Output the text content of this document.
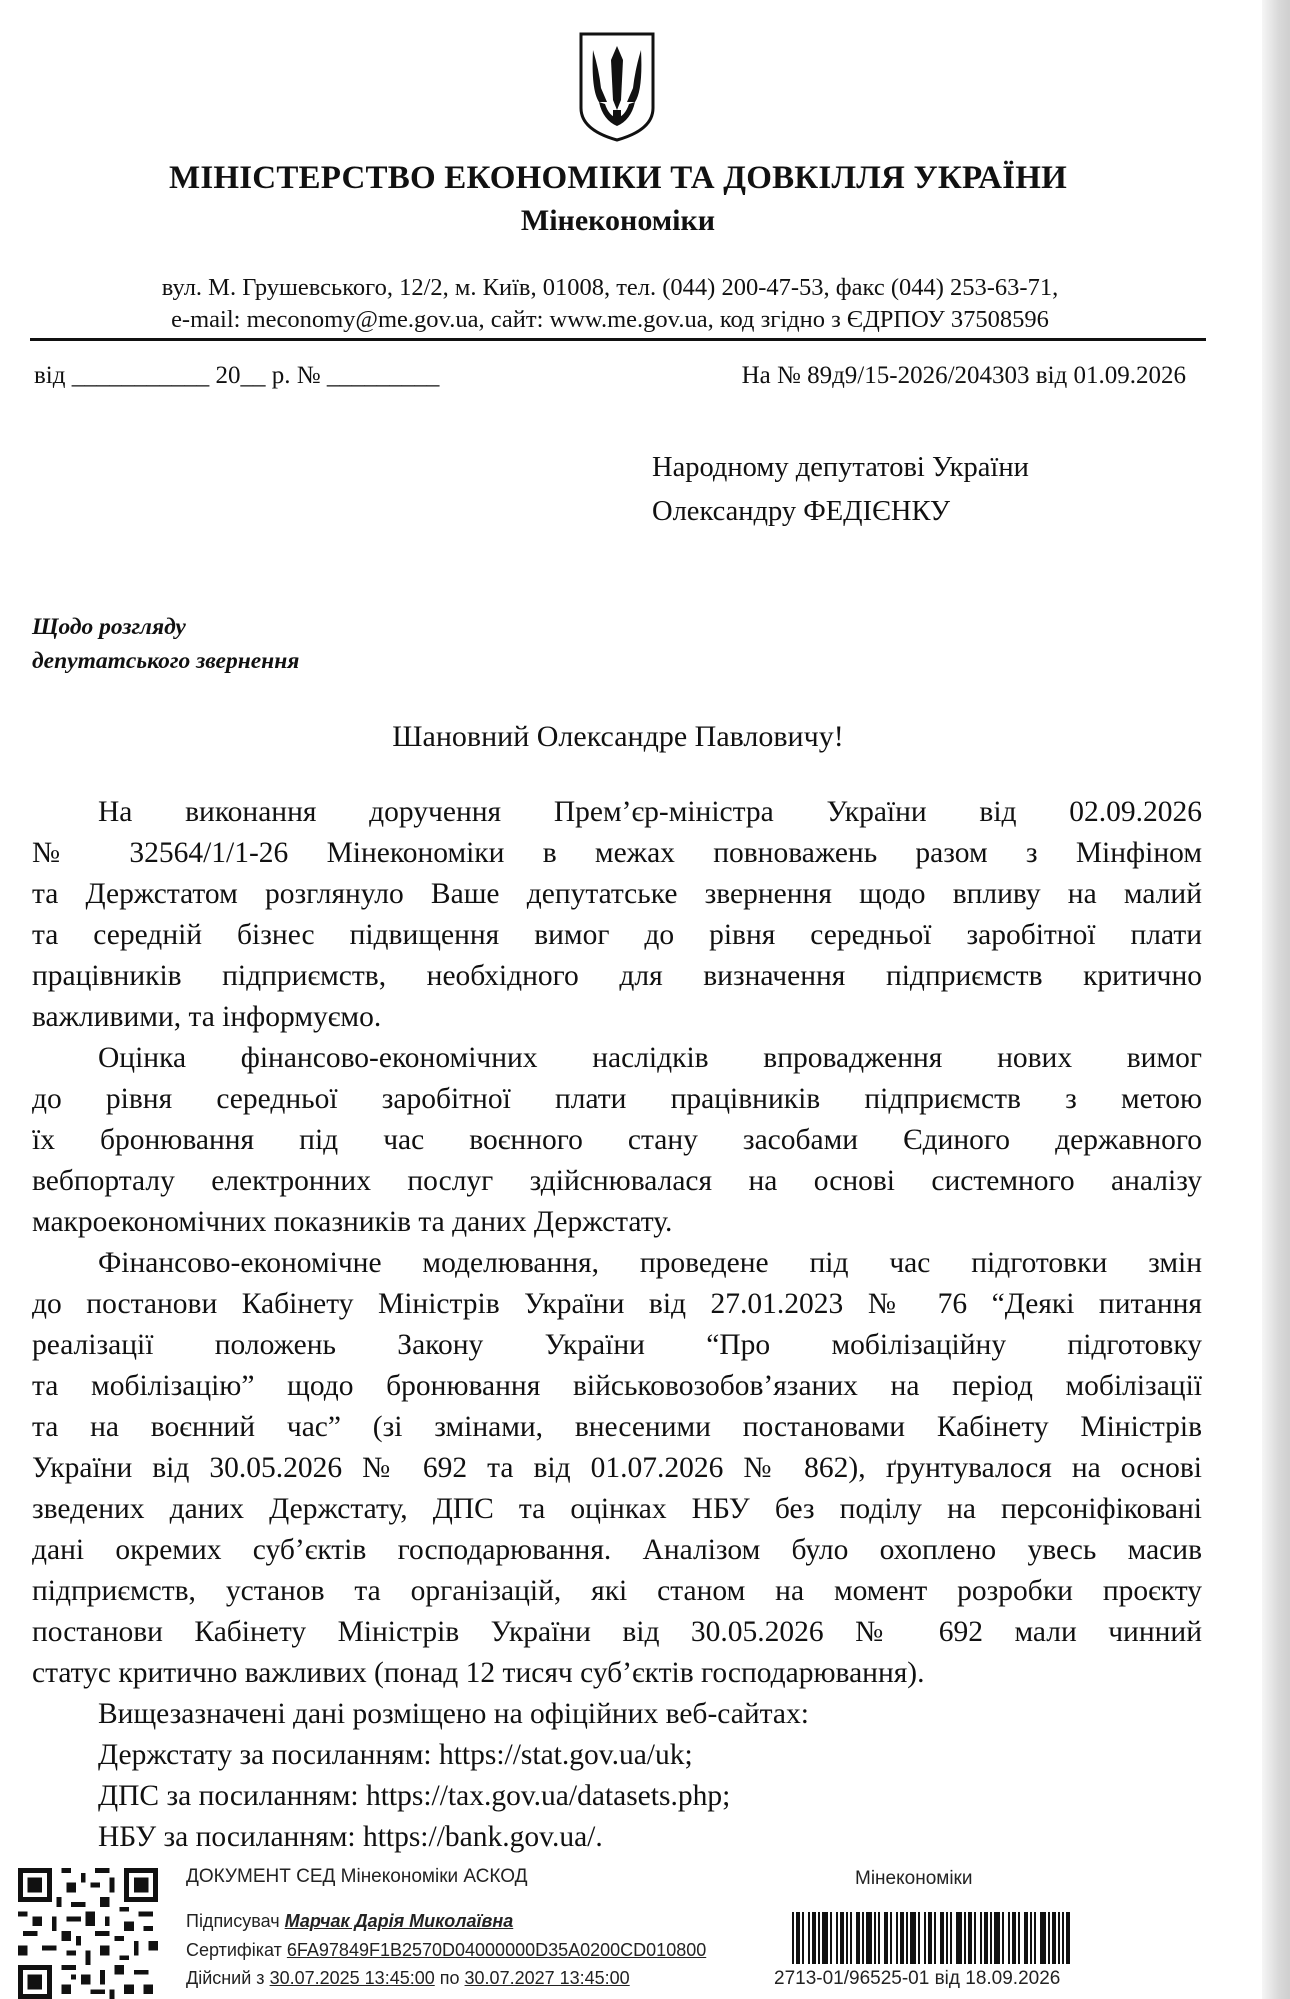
МІНІСТЕРСТВО ЕКОНОМІКИ ТА ДОВКІЛЛЯ УКРАЇНИ
Мінекономіки
вул. М. Грушевського, 12/2, м. Київ, 01008, тел. (044) 200-47-53, факс (044) 253-63-71,
e-mail: meconomy@me.gov.ua, сайт: www.me.gov.ua, код згідно з ЄДРПОУ 37508596
від ___________ 20__ р. № _________	На № 89д9/15-2026/204303 від 01.09.2026
Народному депутатові України
Олександру ФЕДІЄНКУ
Щодо розгляду
депутатського звернення
Шановний Олександре Павловичу!
На виконання доручення Прем’єр-міністра України від 02.09.2026
№ 32564/1/1-26 Мінекономіки в межах повноважень разом з Мінфіном
та Держстатом розглянуло Ваше депутатське звернення щодо впливу на малий
та середній бізнес підвищення вимог до рівня середньої заробітної плати
працівників підприємств, необхідного для визначення підприємств критично
важливими, та інформуємо.
Оцінка фінансово-економічних наслідків впровадження нових вимог
до рівня середньої заробітної плати працівників підприємств з метою
їх бронювання під час воєнного стану засобами Єдиного державного
вебпорталу електронних послуг здійснювалася на основі системного аналізу
макроекономічних показників та даних Держстату.
Фінансово-економічне моделювання, проведене під час підготовки змін
до постанови Кабінету Міністрів України від 27.01.2023 № 76 “Деякі питання
реалізації положень Закону України “Про мобілізаційну підготовку
та мобілізацію” щодо бронювання військовозобов’язаних на період мобілізації
та на воєнний час” (зі змінами, внесеними постановами Кабінету Міністрів
України від 30.05.2026 № 692 та від 01.07.2026 № 862), ґрунтувалося на основі
зведених даних Держстату, ДПС та оцінках НБУ без поділу на персоніфіковані
дані окремих суб’єктів господарювання. Аналізом було охоплено увесь масив
підприємств, установ та організацій, які станом на момент розробки проєкту
постанови Кабінету Міністрів України від 30.05.2026 № 692 мали чинний
статус критично важливих (понад 12 тисяч суб’єктів господарювання).
Вищезазначені дані розміщено на офіційних веб-сайтах:
Держстату за посиланням: https://stat.gov.ua/uk;
ДПС за посиланням: https://tax.gov.ua/datasets.php;
НБУ за посиланням: https://bank.gov.ua/.
ДОКУМЕНТ СЕД Мінекономіки АСКОД
Підписувач Марчак Дарія Миколаївна
Сертифікат 6FA97849F1B2570D04000000D35A0200CD010800
Дійсний з 30.07.2025 13:45:00 по 30.07.2027 13:45:00
Мінекономіки
2713-01/96525-01 від 18.09.2026
